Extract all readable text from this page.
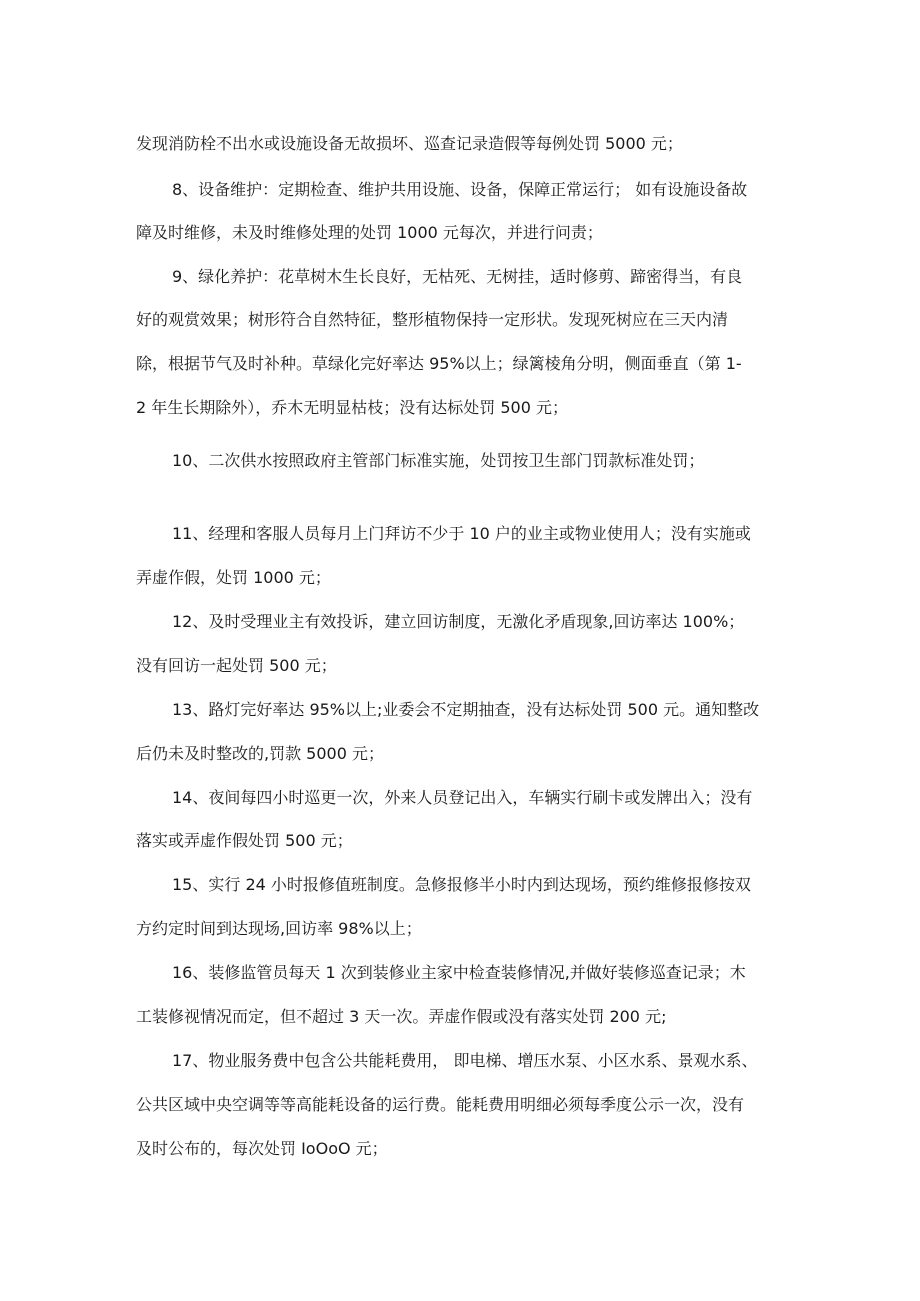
发现消防栓不出水或设施设备无故损坏、巡查记录造假等每例处罚 5000 元；
8、设备维护：定期检查、维护共用设施、设备，保障正常运行； 如有设施设备故
障及时维修，未及时维修处理的处罚 1000 元每次，并进行问责；
9、绿化养护：花草树木生长良好，无枯死、无树挂，适时修剪、蹄密得当，有良
好的观赏效果；树形符合自然特征，整形植物保持一定形状。发现死树应在三天内清
除，根据节气及时补种。草绿化完好率达 95%以上；绿篱棱角分明，侧面垂直（第 1-
2 年生长期除外），乔木无明显枯枝；没有达标处罚 500 元；
10、二次供水按照政府主管部门标准实施，处罚按卫生部门罚款标准处罚；
11、经理和客服人员每月上门拜访不少于 10 户的业主或物业使用人；没有实施或
弄虚作假，处罚 1000 元；
12、及时受理业主有效投诉，建立回访制度，无激化矛盾现象,回访率达 100%；
没有回访一起处罚 500 元；
13、路灯完好率达 95%以上;业委会不定期抽查，没有达标处罚 500 元。通知整改
后仍未及时整改的,罚款 5000 元；
14、夜间每四小时巡更一次，外来人员登记出入，车辆实行刷卡或发牌出入；没有
落实或弄虚作假处罚 500 元；
15、实行 24 小时报修值班制度。急修报修半小时内到达现场，预约维修报修按双
方约定时间到达现场,回访率 98%以上；
16、装修监管员每天 1 次到装修业主家中检查装修情况,并做好装修巡查记录；木
工装修视情况而定，但不超过 3 天一次。弄虚作假或没有落实处罚 200 元;
17、物业服务费中包含公共能耗费用， 即电梯、增压水泵、小区水系、景观水系、
公共区域中央空调等等高能耗设备的运行费。能耗费用明细必须每季度公示一次，没有
及时公布的，每次处罚 IoOoO 元；
